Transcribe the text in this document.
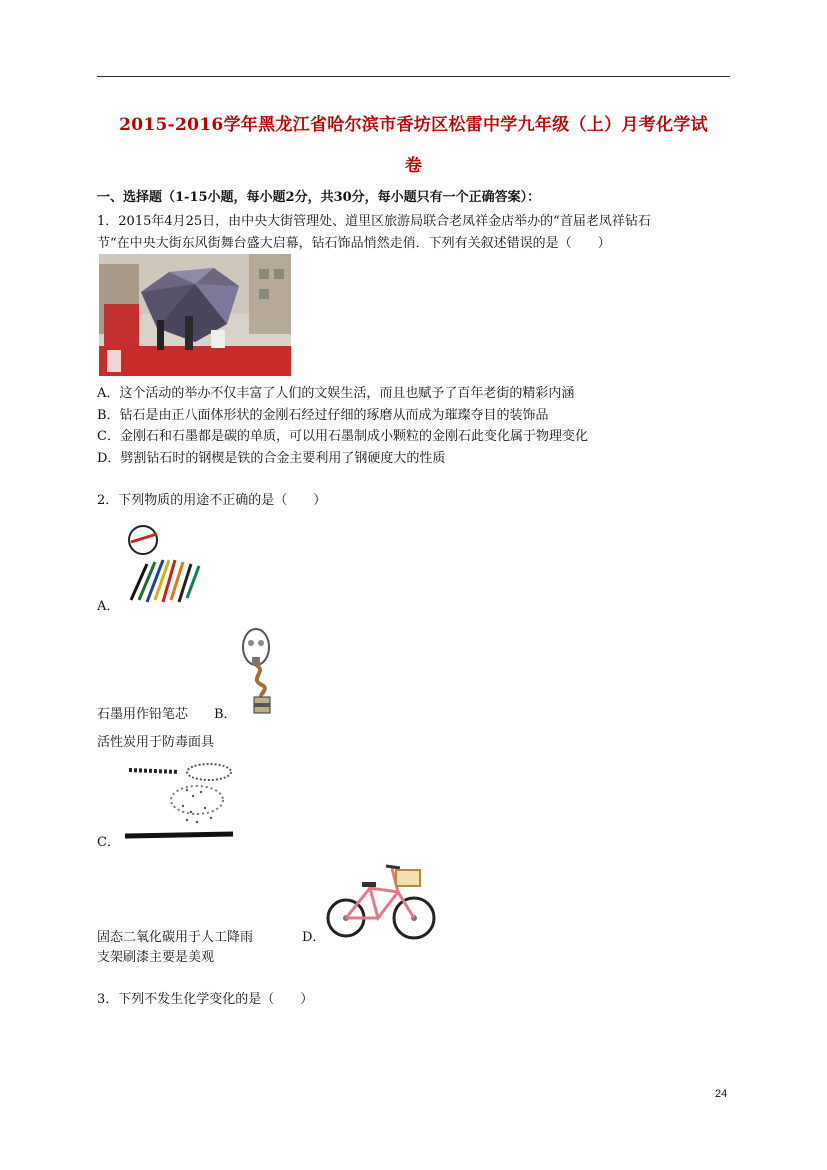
2015-2016学年黑龙江省哈尔滨市香坊区松雷中学九年级（上）月考化学试
卷
一、选择题（1-15小题，每小题2分，共30分，每小题只有一个正确答案）：
1．2015年4月25日，由中央大街管理处、道里区旅游局联合老凤祥金店举办的“首届老凤祥钻石
节“在中央大街东风街舞台盛大启幕，钻石饰品悄然走俏．下列有关叙述错误的是（　　）
A．这个活动的举办不仅丰富了人们的文娱生活，而且也赋予了百年老街的精彩内涵
B．钻石是由正八面体形状的金刚石经过仔细的琢磨从而成为璀璨夺目的装饰品
C．金刚石和石墨都是碳的单质，可以用石墨制成小颗粒的金刚石此变化属于物理变化
D．劈割钻石时的钢楔是铁的合金主要利用了钢硬度大的性质
2．下列物质的用途不正确的是（　　）
A．
石墨用作铅笔芯 B．
活性炭用于防毒面具
C．
固态二氧化碳用于人工降雨	D．
支架刷漆主要是美观
3．下列不发生化学变化的是（　　）
24
